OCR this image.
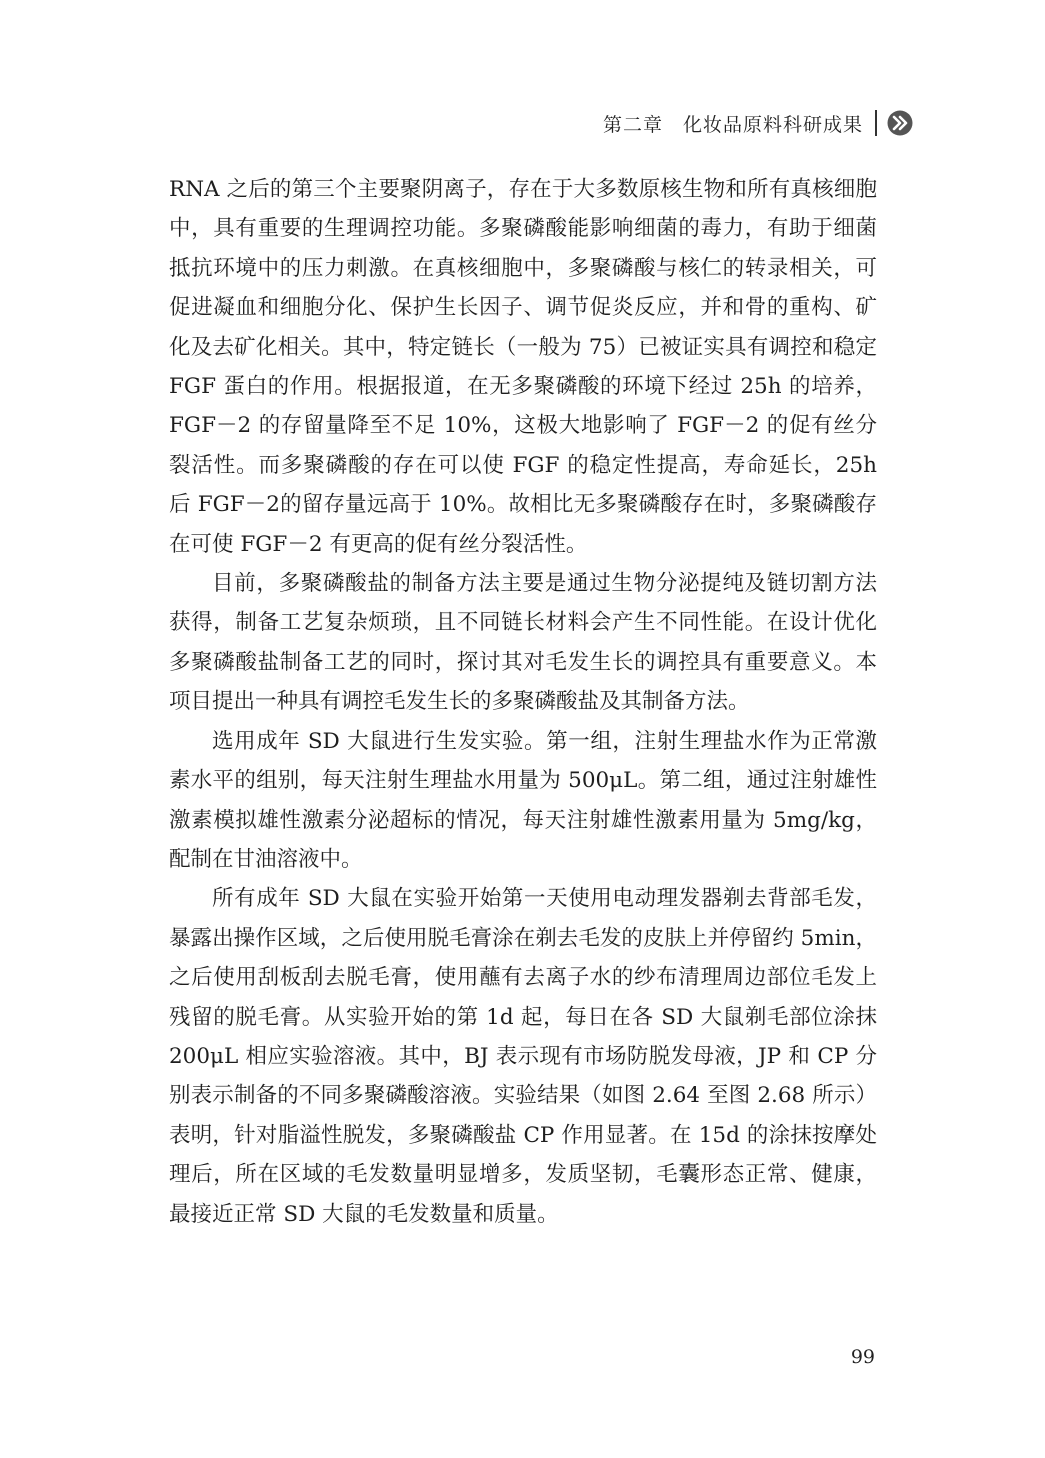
第二章　化妆品原料科研成果

RNA 之后的第三个主要聚阴离子，存在于大多数原核生物和所有真核细胞中，具有重要的生理调控功能。多聚磷酸能影响细菌的毒力，有助于细菌抵抗环境中的压力刺激。在真核细胞中，多聚磷酸与核仁的转录相关，可促进凝血和细胞分化、保护生长因子、调节促炎反应，并和骨的重构、矿化及去矿化相关。其中，特定链长（一般为 75）已被证实具有调控和稳定 FGF 蛋白的作用。根据报道，在无多聚磷酸的环境下经过 25h 的培养，FGF－2 的存留量降至不足 10%，这极大地影响了 FGF－2 的促有丝分裂活性。而多聚磷酸的存在可以使 FGF 的稳定性提高，寿命延长，25h 后 FGF－2的留存量远高于 10%。故相比无多聚磷酸存在时，多聚磷酸存在可使 FGF－2 有更高的促有丝分裂活性。

目前，多聚磷酸盐的制备方法主要是通过生物分泌提纯及链切割方法获得，制备工艺复杂烦琐，且不同链长材料会产生不同性能。在设计优化多聚磷酸盐制备工艺的同时，探讨其对毛发生长的调控具有重要意义。本项目提出一种具有调控毛发生长的多聚磷酸盐及其制备方法。

选用成年 SD 大鼠进行生发实验。第一组，注射生理盐水作为正常激素水平的组别，每天注射生理盐水用量为 500μL。第二组，通过注射雄性激素模拟雄性激素分泌超标的情况，每天注射雄性激素用量为 5mg/kg，配制在甘油溶液中。

所有成年 SD 大鼠在实验开始第一天使用电动理发器剃去背部毛发，暴露出操作区域，之后使用脱毛膏涂在剃去毛发的皮肤上并停留约 5min，之后使用刮板刮去脱毛膏，使用蘸有去离子水的纱布清理周边部位毛发上残留的脱毛膏。从实验开始的第 1d 起，每日在各 SD 大鼠剃毛部位涂抹 200μL 相应实验溶液。其中，BJ 表示现有市场防脱发母液，JP 和 CP 分别表示制备的不同多聚磷酸溶液。实验结果（如图 2.64 至图 2.68 所示）表明，针对脂溢性脱发，多聚磷酸盐 CP 作用显著。在 15d 的涂抹按摩处理后，所在区域的毛发数量明显增多，发质坚韧，毛囊形态正常、健康，最接近正常 SD 大鼠的毛发数量和质量。

99
